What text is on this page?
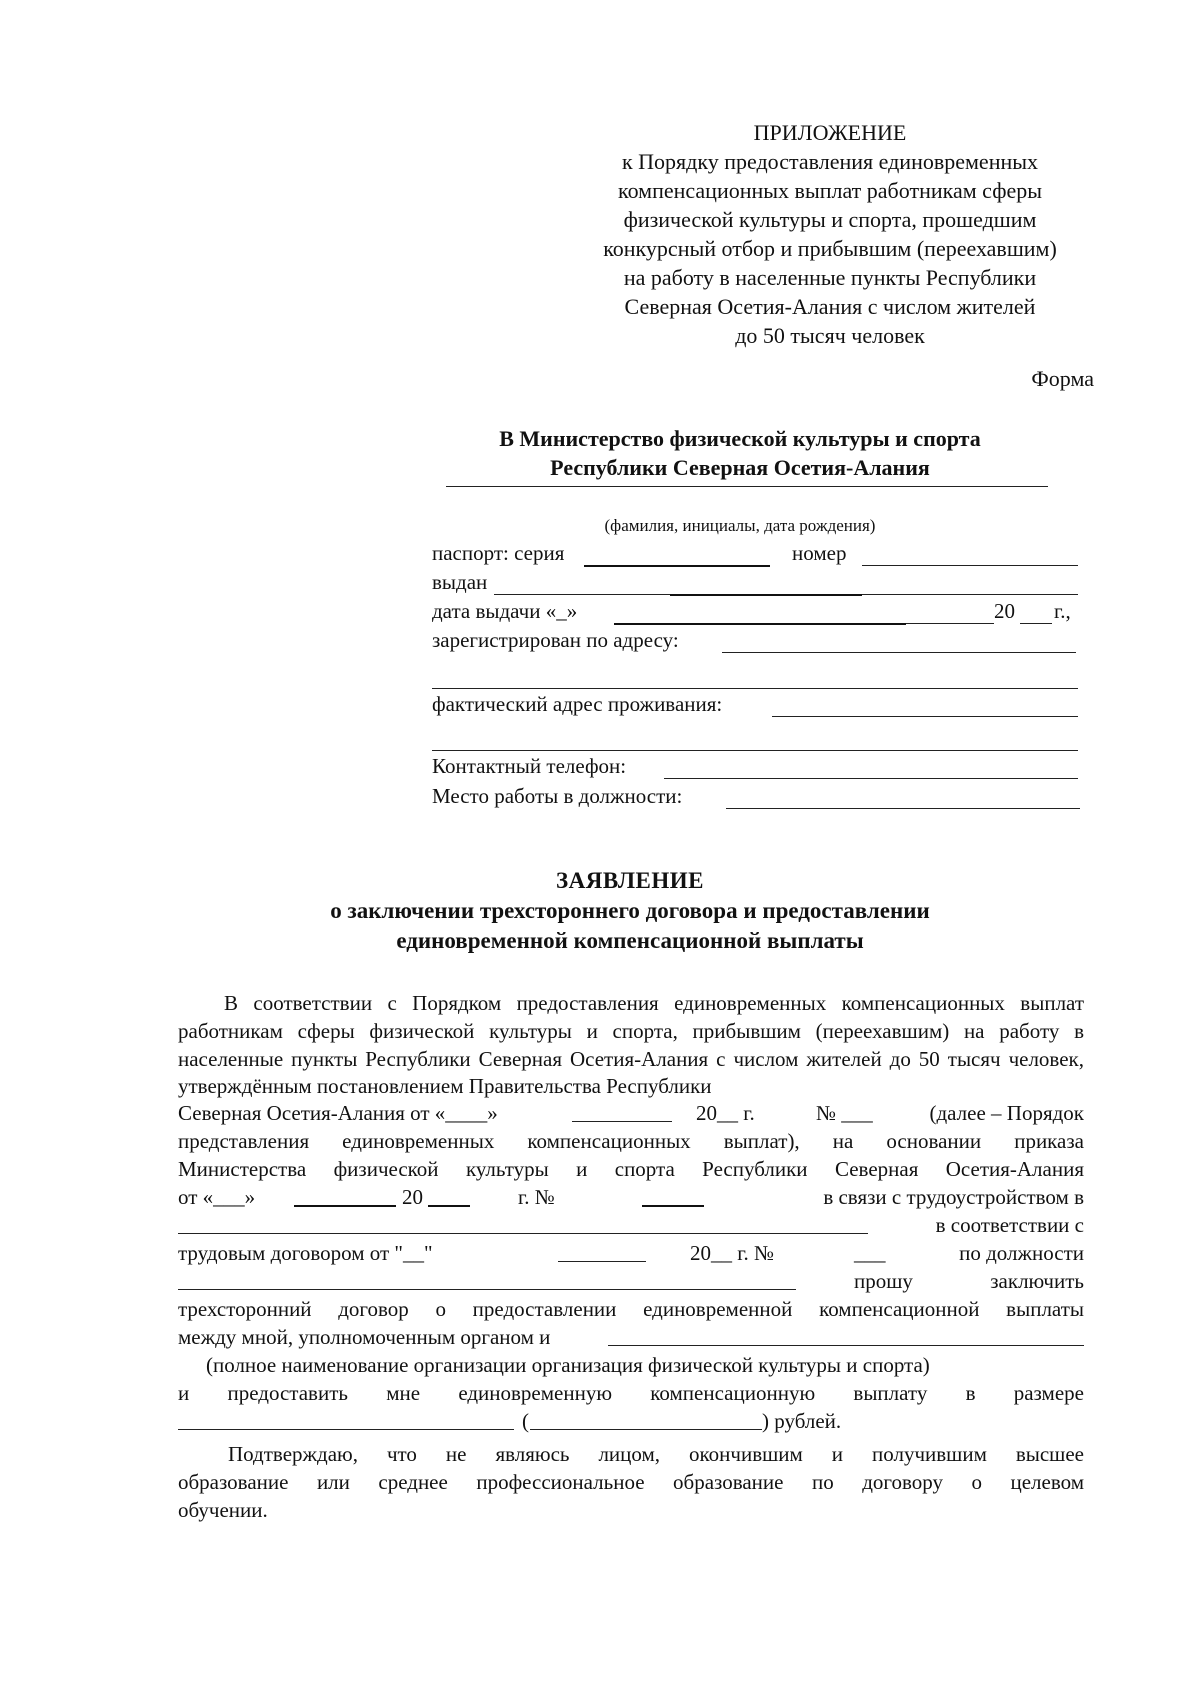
ПРИЛОЖЕНИЕ
к Порядку предоставления единовременных
компенсационных выплат работникам сферы
физической культуры и спорта, прошедшим
конкурсный отбор и прибывшим (переехавшим)
на работу в населенные пункты Республики
Северная Осетия-Алания с числом жителей
до 50 тысяч человек
Форма
В Министерство физической культуры и спорта
Республики Северная Осетия-Алания
(фамилия, инициалы, дата рождения)
паспорт: серия	номер
выдан
дата выдачи «_»	20 г.,
зарегистрирован по адресу:
фактический адрес проживания:
Контактный телефон:
Место работы в должности:
ЗАЯВЛЕНИЕ
о заключении трехстороннего договора и предоставлении
единовременной компенсационной выплаты
В соответствии с Порядком предоставления единовременных компенсационных выплат работникам сферы физической культуры и спорта, прибывшим (переехавшим) на работу в населенные пункты Республики Северная Осетия-Алания с числом жителей до 50 тысяч человек, утверждённым постановлением Правительства Республики
Северная Осетия-Алания от «____»	20__ г.	№ ___	(далее – Порядок
представления единовременных компенсационных выплат), на основании приказа
Министерства физической культуры и спорта Республики Северная Осетия-Алания
от «___»	20	г. №	в связи с трудоустройством в
в соответствии с
трудовым договором от "__"	20__ г. №	___	по должности
прошу	заключить
трехсторонний договор о предоставлении единовременной компенсационной выплаты
между мной, уполномоченным органом и
(полное наименование организации организация физической культуры и спорта)
и предоставить мне единовременную компенсационную выплату в размере
(	) рублей.
Подтверждаю, что не являюсь лицом, окончившим и получившим высшее
образование или среднее профессиональное образование по договору о целевом
обучении.
